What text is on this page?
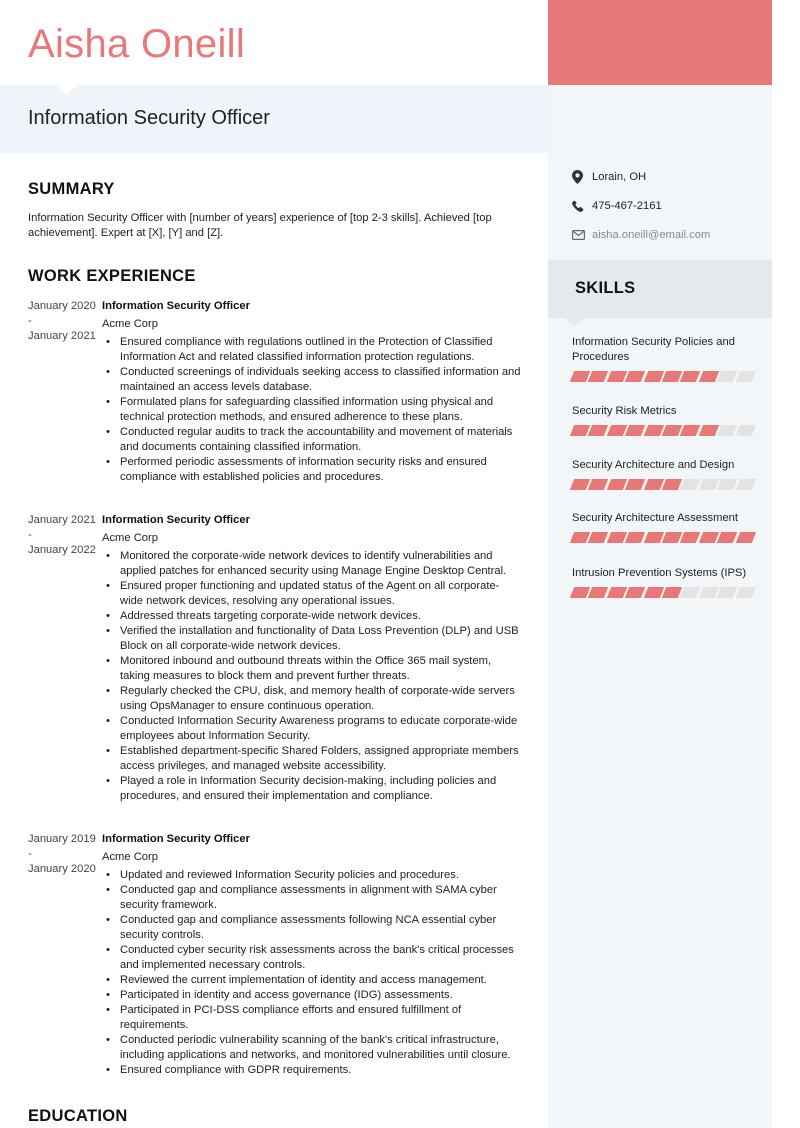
Aisha Oneill
Information Security Officer
SUMMARY

Information Security Officer with [number of years] experience of [top 2-3 skills]. Achieved [top achievement]. Expert at [X], [Y] and [Z].

WORK EXPERIENCE
January 2020
-
January 2021
Information Security Officer
Acme Corp
• Ensured compliance with regulations outlined in the Protection of Classified Information Act and related classified information protection regulations.
• Conducted screenings of individuals seeking access to classified information and maintained an access levels database.
• Formulated plans for safeguarding classified information using physical and technical protection methods, and ensured adherence to these plans.
• Conducted regular audits to track the accountability and movement of materials and documents containing classified information.
• Performed periodic assessments of information security risks and ensured compliance with established policies and procedures.
January 2021
-
January 2022
Information Security Officer
Acme Corp
• Monitored the corporate-wide network devices to identify vulnerabilities and applied patches for enhanced security using Manage Engine Desktop Central.
• Ensured proper functioning and updated status of the Agent on all corporate-wide network devices, resolving any operational issues.
• Addressed threats targeting corporate-wide network devices.
• Verified the installation and functionality of Data Loss Prevention (DLP) and USB Block on all corporate-wide network devices.
• Monitored inbound and outbound threats within the Office 365 mail system, taking measures to block them and prevent further threats.
• Regularly checked the CPU, disk, and memory health of corporate-wide servers using OpsManager to ensure continuous operation.
• Conducted Information Security Awareness programs to educate corporate-wide employees about Information Security.
• Established department-specific Shared Folders, assigned appropriate members access privileges, and managed website accessibility.
• Played a role in Information Security decision-making, including policies and procedures, and ensured their implementation and compliance.
January 2019
-
January 2020
Information Security Officer
Acme Corp
• Updated and reviewed Information Security policies and procedures.
• Conducted gap and compliance assessments in alignment with SAMA cyber security framework.
• Conducted gap and compliance assessments following NCA essential cyber security controls.
• Conducted cyber security risk assessments across the bank's critical processes and implemented necessary controls.
• Reviewed the current implementation of identity and access management.
• Participated in identity and access governance (IDG) assessments.
• Participated in PCI-DSS compliance efforts and ensured fulfillment of requirements.
• Conducted periodic vulnerability scanning of the bank's critical infrastructure, including applications and networks, and monitored vulnerabilities until closure.
• Ensured compliance with GDPR requirements.
EDUCATION
Lorain, OH
475-467-2161
aisha.oneill@email.com
SKILLS
Information Security Policies and Procedures
Security Risk Metrics
Security Architecture and Design
Security Architecture Assessment
Intrusion Prevention Systems (IPS)
